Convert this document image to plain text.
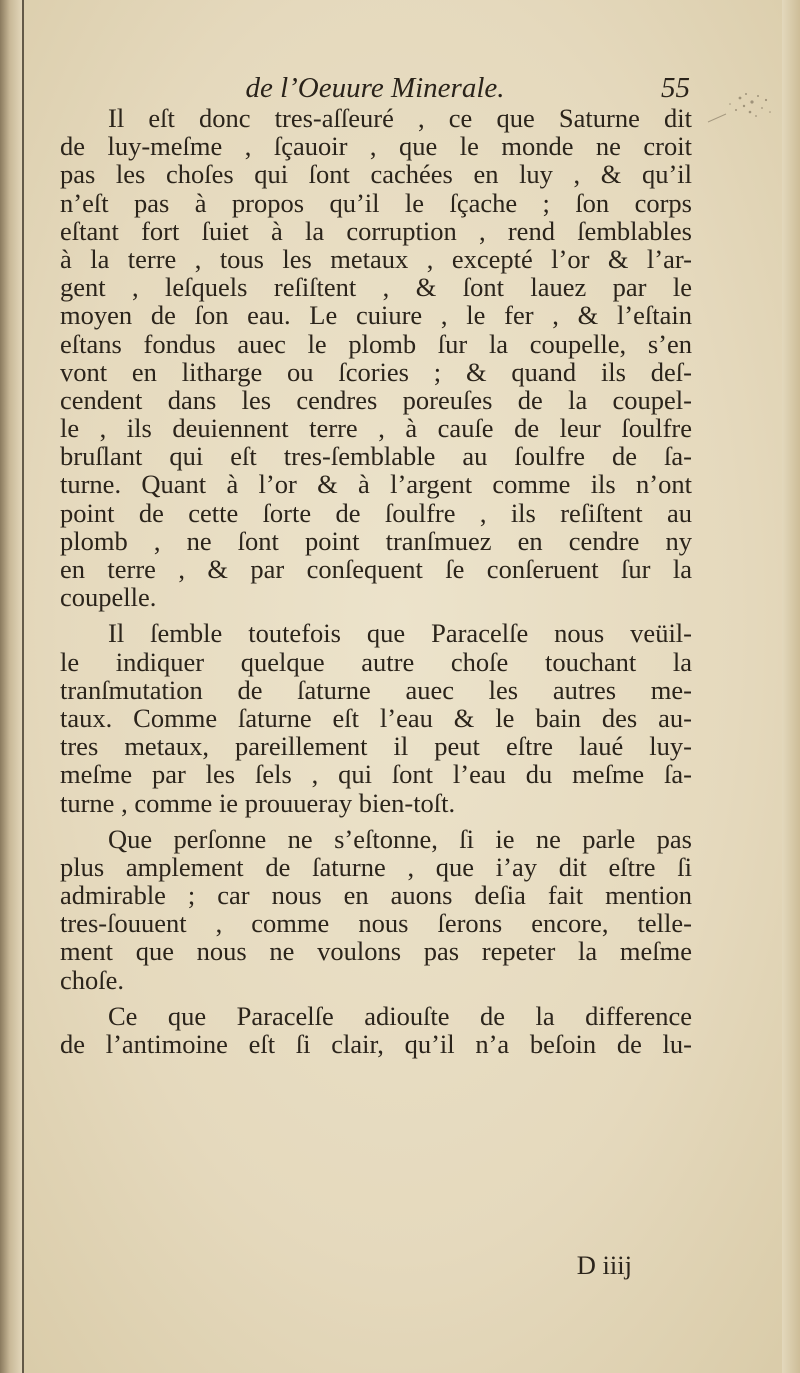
de l’Oeuure Minerale.	55
Il eſt donc tres-aſſeuré , ce que Saturne dit
de luy-meſme , ſçauoir , que le monde ne croit
pas les choſes qui ſont cachées en luy , & qu’il
n’eſt pas à propos qu’il le ſçache ; ſon corps
eſtant fort ſuiet à la corruption , rend ſemblables
à la terre , tous les metaux , excepté l’or & l’ar-
gent , leſquels reſiſtent , & ſont lauez par le
moyen de ſon eau. Le cuiure , le fer , & l’eſtain
eſtans fondus auec le plomb ſur la coupelle, s’en
vont en litharge ou ſcories ; & quand ils deſ-
cendent dans les cendres poreuſes de la coupel-
le , ils deuiennent terre , à cauſe de leur ſoulfre
bruſlant qui eſt tres-ſemblable au ſoulfre de ſa-
turne. Quant à l’or & à l’argent comme ils n’ont
point de cette ſorte de ſoulfre , ils reſiſtent au
plomb , ne ſont point tranſmuez en cendre ny
en terre , & par conſequent ſe conſeruent ſur la
coupelle.
Il ſemble toutefois que Paracelſe nous veüil-
le indiquer quelque autre choſe touchant la
tranſmutation de ſaturne auec les autres me-
taux. Comme ſaturne eſt l’eau & le bain des au-
tres metaux, pareillement il peut eſtre laué luy-
meſme par les ſels , qui ſont l’eau du meſme ſa-
turne , comme ie prouueray bien-toſt.
Que perſonne ne s’eſtonne, ſi ie ne parle pas
plus amplement de ſaturne , que i’ay dit eſtre ſi
admirable ; car nous en auons deſia fait mention
tres-ſouuent , comme nous ſerons encore, telle-
ment que nous ne voulons pas repeter la meſme
choſe.
Ce que Paracelſe adiouſte de la difference
de l’antimoine eſt ſi clair, qu’il n’a beſoin de lu-
D iiij
